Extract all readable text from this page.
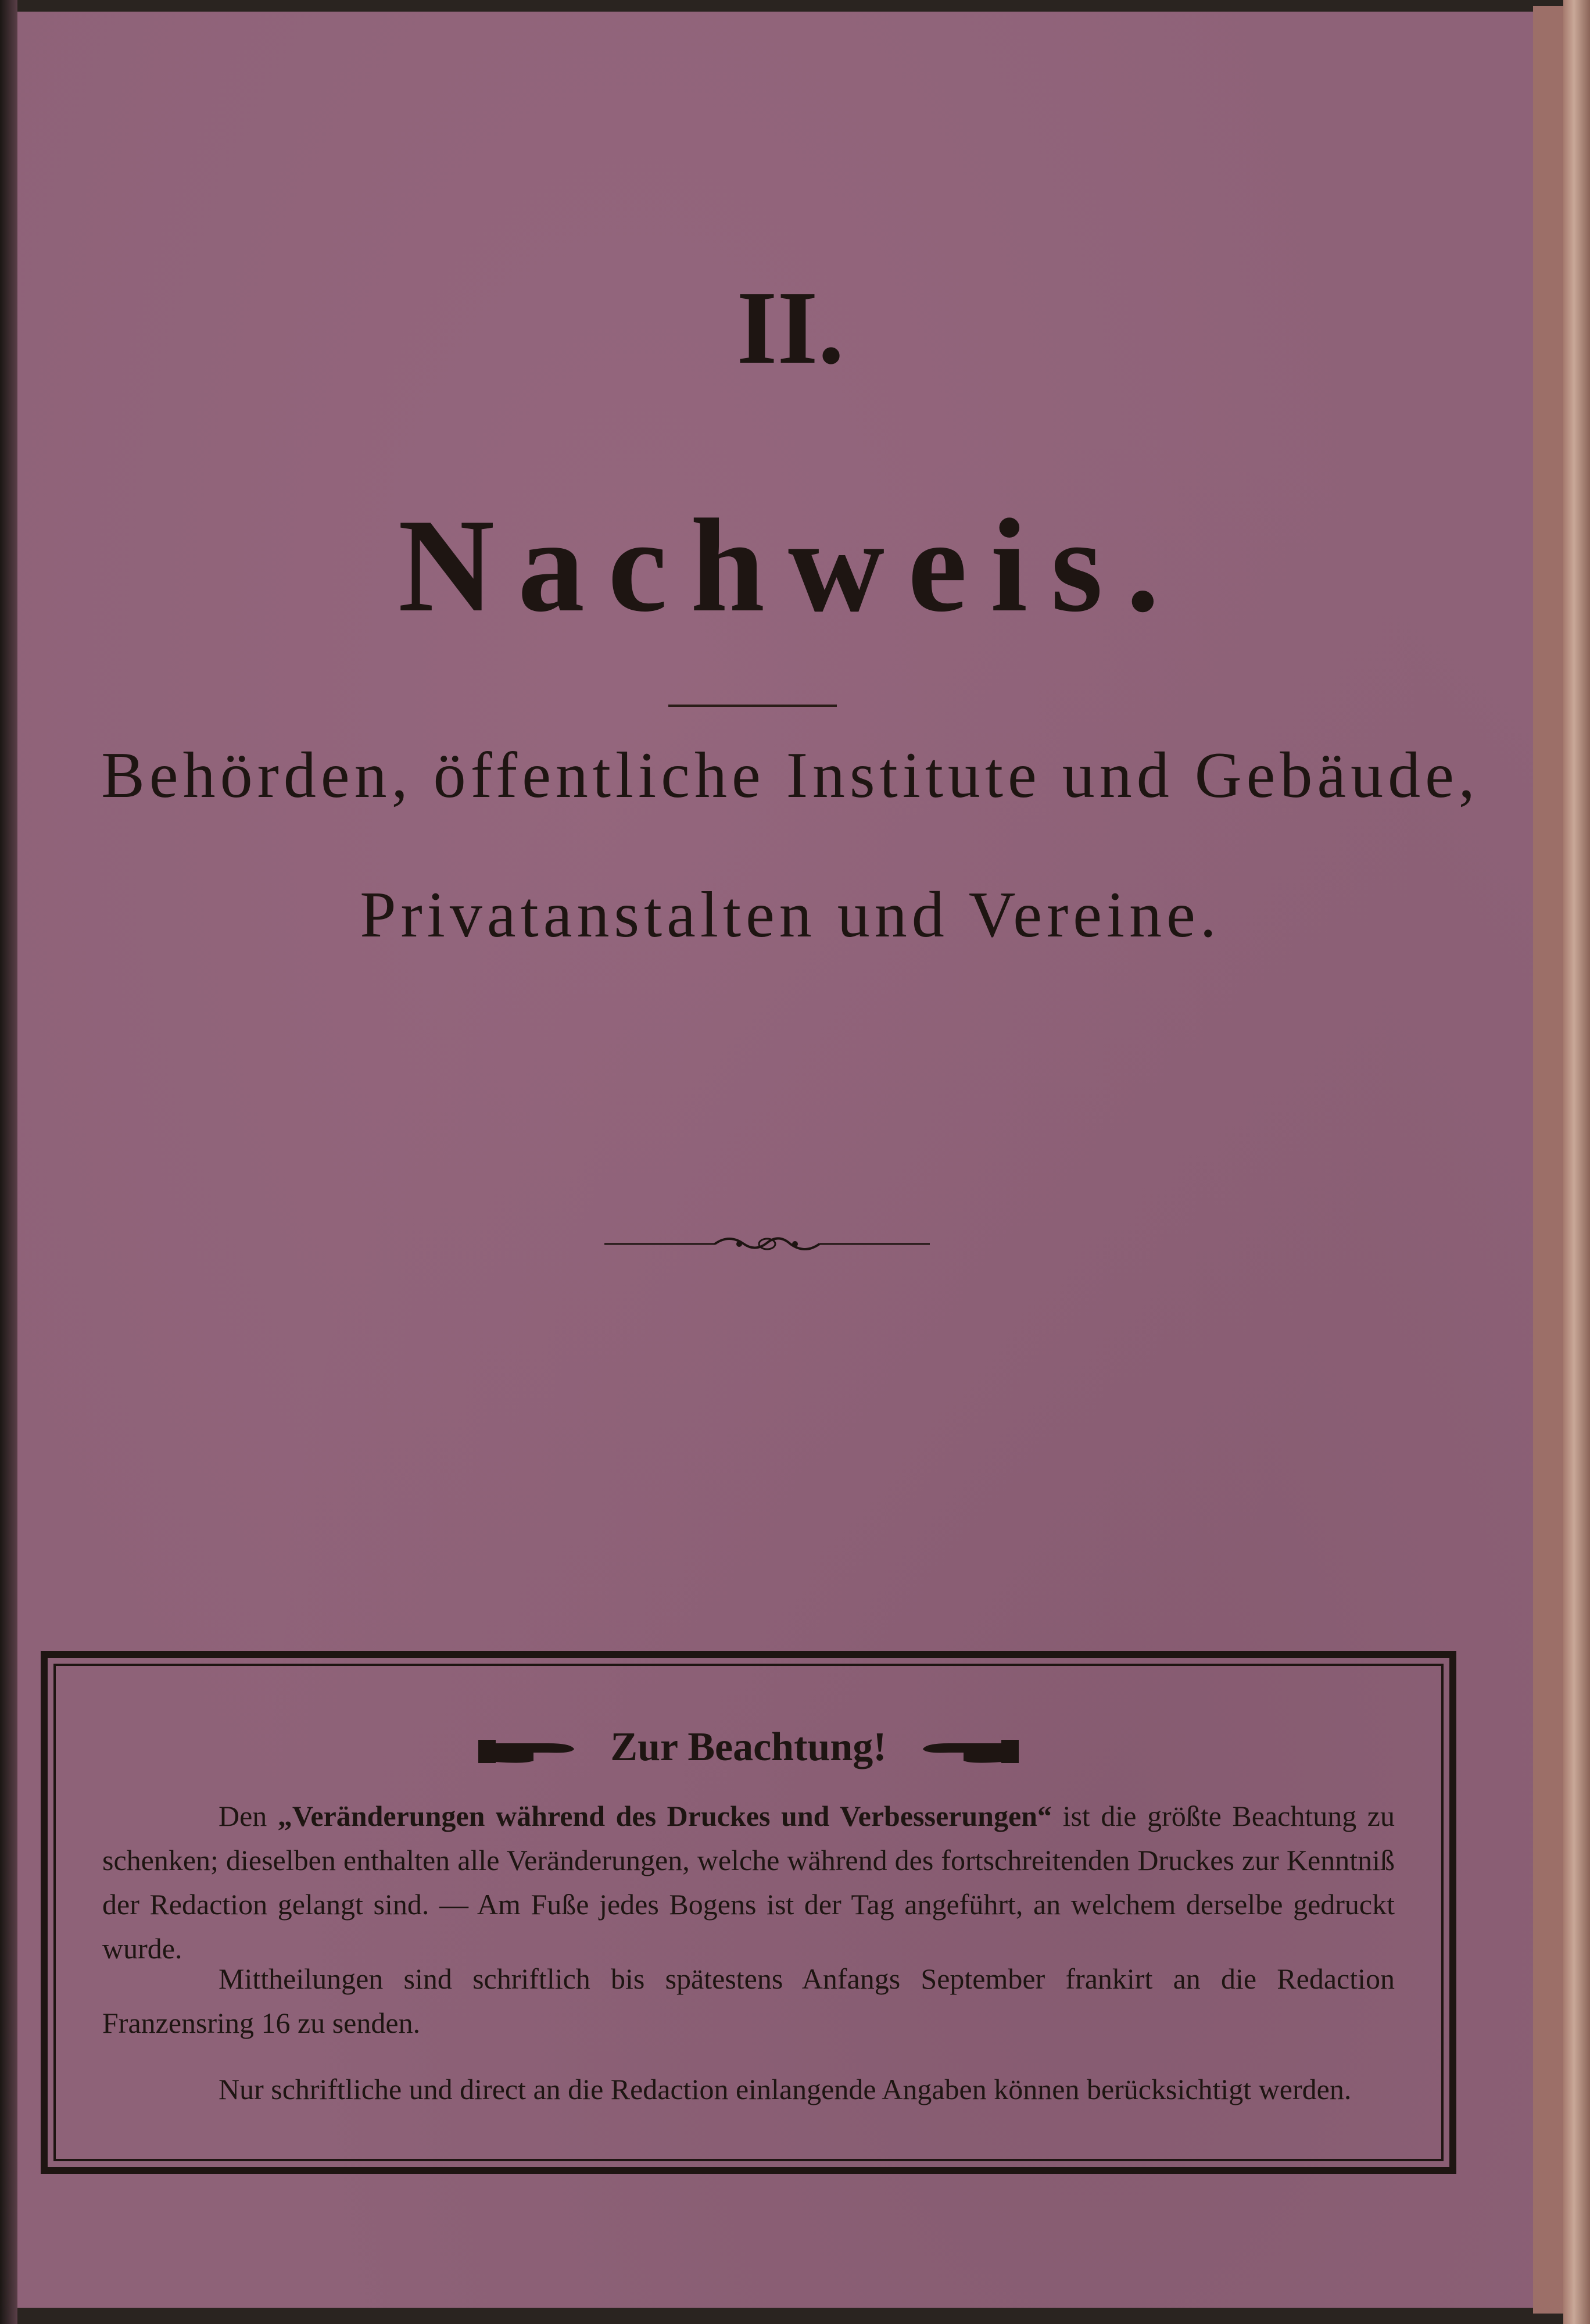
II.
Nachweis.
Behörden, öffentliche Institute und Gebäude,
Privatanstalten und Vereine.
Zur Beachtung!
Den „Veränderungen während des Druckes und Verbesserungen“ ist die größte Beachtung zu schenken; dieselben enthalten alle Veränderungen, welche während des fortschreitenden Druckes zur Kenntniß der Redaction gelangt sind. — Am Fuße jedes Bogens ist der Tag angeführt, an welchem derselbe gedruckt wurde.
Mittheilungen sind schriftlich bis spätestens Anfangs September frankirt an die Redaction Franzensring 16 zu senden.
Nur schriftliche und direct an die Redaction einlangende Angaben können berücksichtigt werden.
